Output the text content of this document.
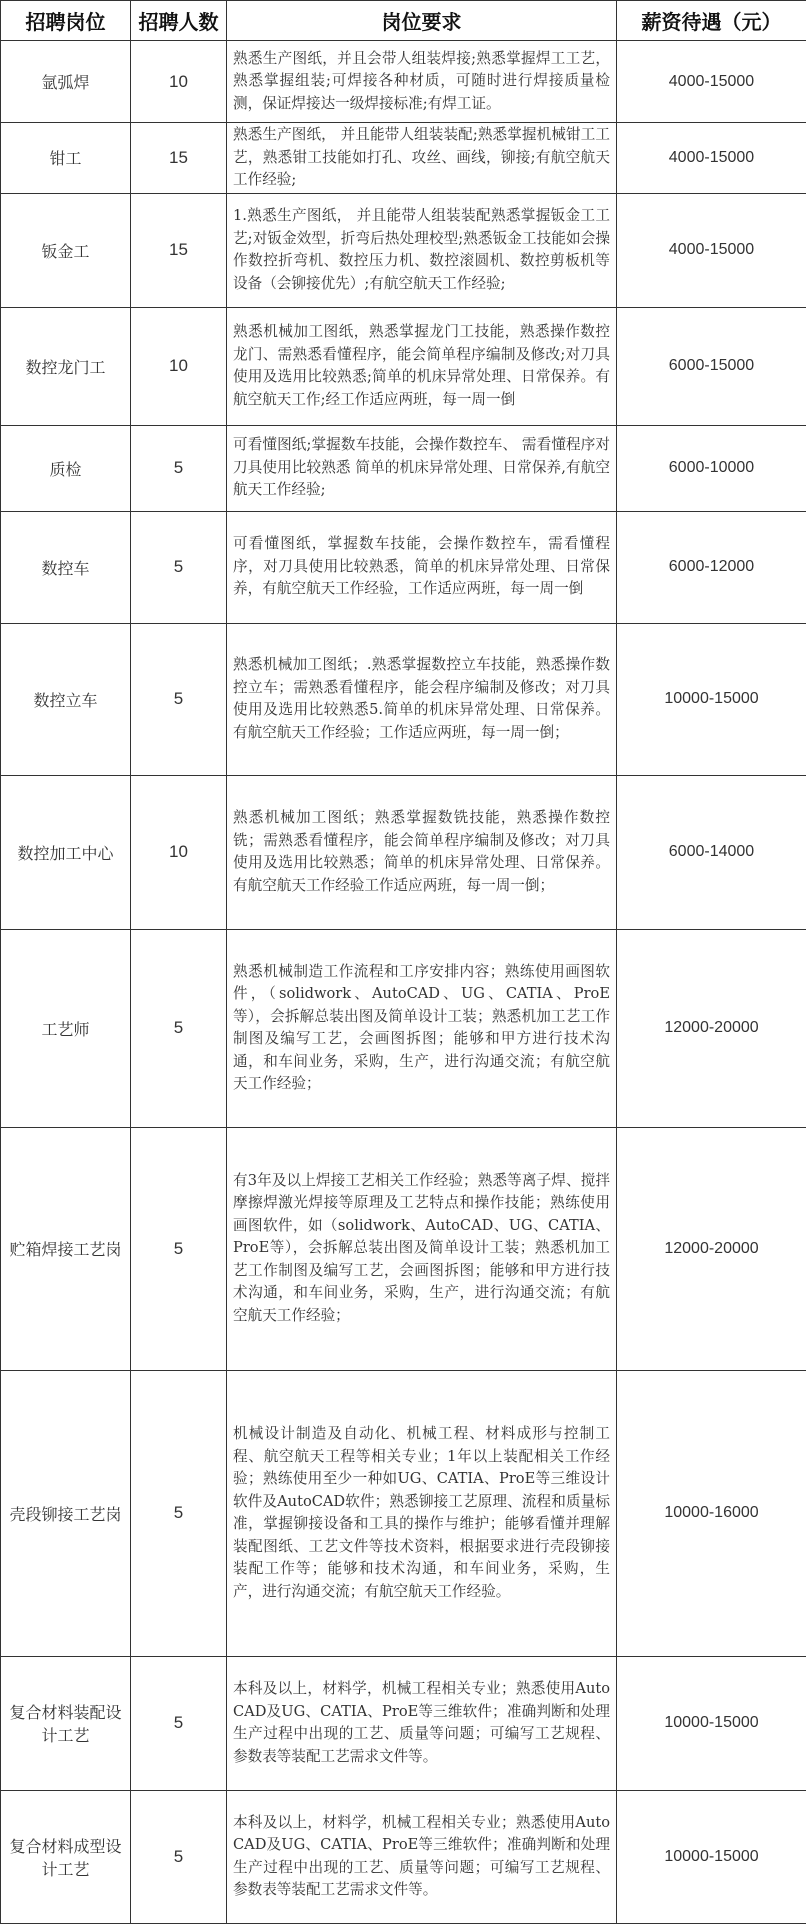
招聘岗位	招聘人数	岗位要求	薪资待遇（元）
氩弧焊	10	熟悉生产图纸，并且会带人组装焊接;熟悉掌握焊工工艺，熟悉掌握组装;可焊接各种材质，可随时进行焊接质量检测，保证焊接达一级焊接标准;有焊工证。	4000-15000
钳工	15	熟悉生产图纸， 并且能带人组装装配;熟悉掌握机械钳工工艺，熟悉钳工技能如打孔、攻丝、画线，铆接;有航空航天工作经验;	4000-15000
钣金工	15	1.熟悉生产图纸， 并且能带人组装装配熟悉掌握钣金工工艺;对钣金效型，折弯后热处理校型;熟悉钣金工技能如会操作数控折弯机、数控压力机、数控滚圆机、数控剪板机等设备（会铆接优先）;有航空航天工作经验;	4000-15000
数控龙门工	10	熟悉机械加工图纸，熟悉掌握龙门工技能，熟悉操作数控龙门、需熟悉看懂程序，能会简单程序编制及修改;对刀具使用及选用比较熟悉;简单的机床异常处理、日常保养。有航空航天工作;经工作适应两班，每一周一倒	6000-15000
质检	5	可看懂图纸;掌握数车技能，会操作数控车、 需看懂程序对刀具使用比较熟悉 简单的机床异常处理、日常保养,有航空航天工作经验;	6000-10000
数控车	5	可看懂图纸，掌握数车技能，会操作数控车，需看懂程序，对刀具使用比较熟悉，简单的机床异常处理、日常保养，有航空航天工作经验，工作适应两班，每一周一倒	6000-12000
数控立车	5	熟悉机械加工图纸；.熟悉掌握数控立车技能，熟悉操作数控立车；需熟悉看懂程序，能会程序编制及修改；对刀具使用及选用比较熟悉5.简单的机床异常处理、日常保养。 有航空航天工作经验；工作适应两班，每一周一倒；	10000-15000
数控加工中心	10	熟悉机械加工图纸；熟悉掌握数铣技能，熟悉操作数控铣；需熟悉看懂程序，能会简单程序编制及修改；对刀具使用及选用比较熟悉；简单的机床异常处理、日常保养。有航空航天工作经验工作适应两班，每一周一倒；	6000-14000
工艺师	5	熟悉机械制造工作流程和工序安排内容；熟练使用画图软件，（solidwork、AutoCAD、UG、CATIA、ProE等），会拆解总装出图及简单设计工装；熟悉机加工艺工作制图及编写工艺，会画图拆图；能够和甲方进行技术沟通，和车间业务，采购，生产，进行沟通交流；有航空航天工作经验；	12000-20000
贮箱焊接工艺岗	5	有3年及以上焊接工艺相关工作经验；熟悉等离子焊、搅拌摩擦焊激光焊接等原理及工艺特点和操作技能；熟练使用画图软件，如（solidwork、AutoCAD、UG、CATIA、ProE等），会拆解总装出图及简单设计工装；熟悉机加工艺工作制图及编写工艺，会画图拆图；能够和甲方进行技术沟通，和车间业务，采购，生产，进行沟通交流；有航空航天工作经验；	12000-20000
壳段铆接工艺岗	5	机械设计制造及自动化、机械工程、材料成形与控制工程、航空航天工程等相关专业；1年以上装配相关工作经验；熟练使用至少一种如UG、CATIA、ProE等三维设计软件及AutoCAD软件；熟悉铆接工艺原理、流程和质量标准，掌握铆接设备和工具的操作与维护；能够看懂并理解装配图纸、工艺文件等技术资料，根据要求进行壳段铆接装配工作等；能够和技术沟通，和车间业务，采购，生产，进行沟通交流；有航空航天工作经验。	10000-16000
复合材料装配设计工艺	5	本科及以上，材料学，机械工程相关专业；熟悉使用AutoCAD及UG、CATIA、ProE等三维软件；准确判断和处理生产过程中出现的工艺、质量等问题；可编写工艺规程、参数表等装配工艺需求文件等。	10000-15000
复合材料成型设计工艺	5	本科及以上，材料学，机械工程相关专业；熟悉使用AutoCAD及UG、CATIA、ProE等三维软件；准确判断和处理生产过程中出现的工艺、质量等问题；可编写工艺规程、参数表等装配工艺需求文件等。	10000-15000
